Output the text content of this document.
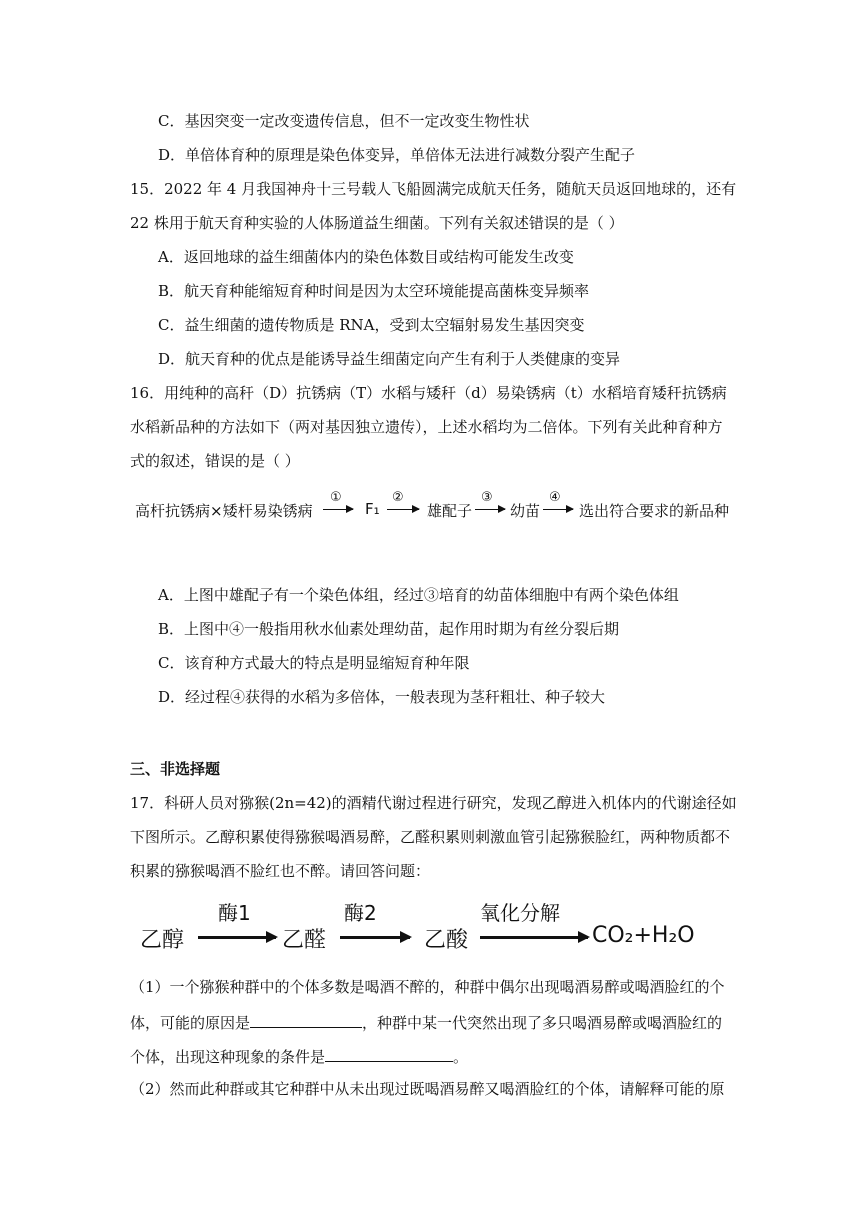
C．基因突变一定改变遗传信息，但不一定改变生物性状
D．单倍体育种的原理是染色体变异，单倍体无法进行减数分裂产生配子
15．2022 年 4 月我国神舟十三号载人飞船圆满完成航天任务，随航天员返回地球的，还有
22 株用于航天育种实验的人体肠道益生细菌。下列有关叙述错误的是（ ）
A．返回地球的益生细菌体内的染色体数目或结构可能发生改变
B．航天育种能缩短育种时间是因为太空环境能提高菌株变异频率
C．益生细菌的遗传物质是 RNA，受到太空辐射易发生基因突变
D．航天育种的优点是能诱导益生细菌定向产生有利于人类健康的变异
16．用纯种的高秆（D）抗锈病（T）水稻与矮秆（d）易染锈病（t）水稻培育矮秆抗锈病
水稻新品种的方法如下（两对基因独立遗传），上述水稻均为二倍体。下列有关此种育种方
式的叙述，错误的是（ ）
高杆抗锈病×矮杆易染锈病
①
F₁
②
雄配子
③
幼苗
④
选出符合要求的新品种
A．上图中雄配子有一个染色体组，经过③培育的幼苗体细胞中有两个染色体组
B．上图中④一般指用秋水仙素处理幼苗，起作用时期为有丝分裂后期
C．该育种方式最大的特点是明显缩短育种年限
D．经过程④获得的水稻为多倍体，一般表现为茎秆粗壮、种子较大
三、非选择题
17．科研人员对猕猴(2n=42)的酒精代谢过程进行研究，发现乙醇进入机体内的代谢途径如
下图所示。乙醇积累使得猕猴喝酒易醉，乙醛积累则刺激血管引起猕猴脸红，两种物质都不
积累的猕猴喝酒不脸红也不醉。请回答问题：
乙醇
酶1
乙醛
酶2
乙酸
氧化分解
CO₂+H₂O
（1）一个猕猴种群中的个体多数是喝酒不醉的，种群中偶尔出现喝酒易醉或喝酒脸红的个
体，可能的原因是	，种群中某一代突然出现了多只喝酒易醉或喝酒脸红的
个体，出现这种现象的条件是	。
（2）然而此种群或其它种群中从未出现过既喝酒易醉又喝酒脸红的个体，请解释可能的原
